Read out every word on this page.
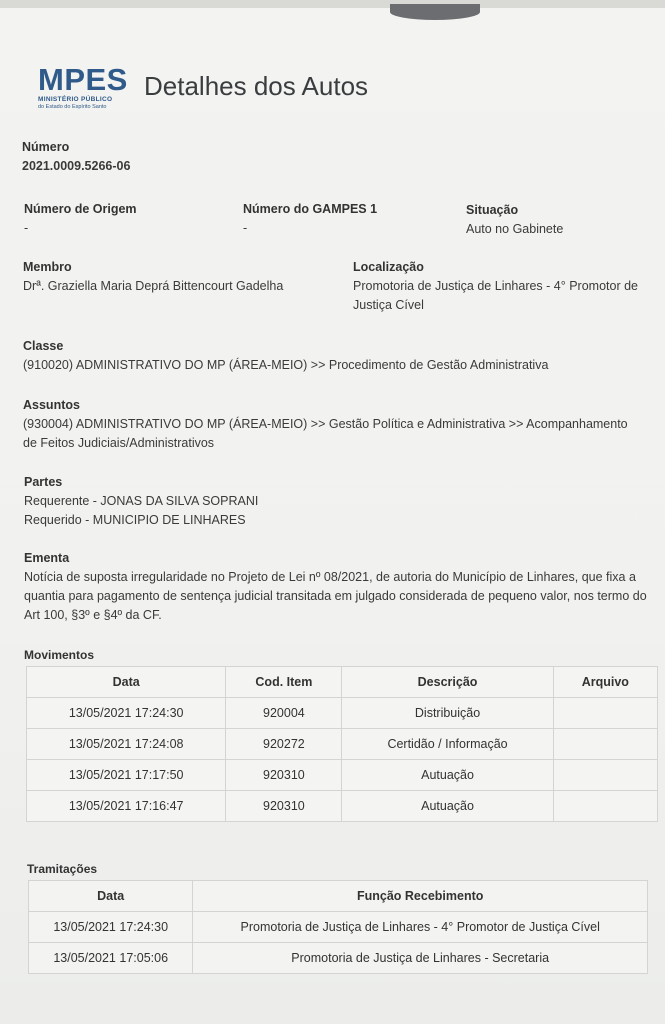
MPES
MINISTÉRIO PÚBLICO
do Estado do Espírito Santo
Detalhes dos Autos
Número
2021.0009.5266-06
Número de Origem
-
Número do GAMPES 1
-
Situação
Auto no Gabinete
Membro
Drª. Graziella Maria Deprá Bittencourt Gadelha
Localização
Promotoria de Justiça de Linhares - 4° Promotor de
Justiça Cível
Classe
(910020) ADMINISTRATIVO DO MP (ÁREA-MEIO) >> Procedimento de Gestão Administrativa
Assuntos
(930004) ADMINISTRATIVO DO MP (ÁREA-MEIO) >> Gestão Política e Administrativa >> Acompanhamento
de Feitos Judiciais/Administrativos
Partes
Requerente - JONAS DA SILVA SOPRANI
Requerido - MUNICIPIO DE LINHARES
Ementa
Notícia de suposta irregularidade no Projeto de Lei nº 08/2021, de autoria do Município de Linhares, que fixa a
quantia para pagamento de sentença judicial transitada em julgado considerada de pequeno valor, nos termo do
Art 100, §3º e §4º da CF.
Movimentos
Data	Cod. Item	Descrição	Arquivo
13/05/2021 17:24:30	920004	Distribuição	
13/05/2021 17:24:08	920272	Certidão / Informação	
13/05/2021 17:17:50	920310	Autuação	
13/05/2021 17:16:47	920310	Autuação	
Tramitações
Data	Função Recebimento
13/05/2021 17:24:30	Promotoria de Justiça de Linhares - 4° Promotor de Justiça Cível
13/05/2021 17:05:06	Promotoria de Justiça de Linhares - Secretaria
